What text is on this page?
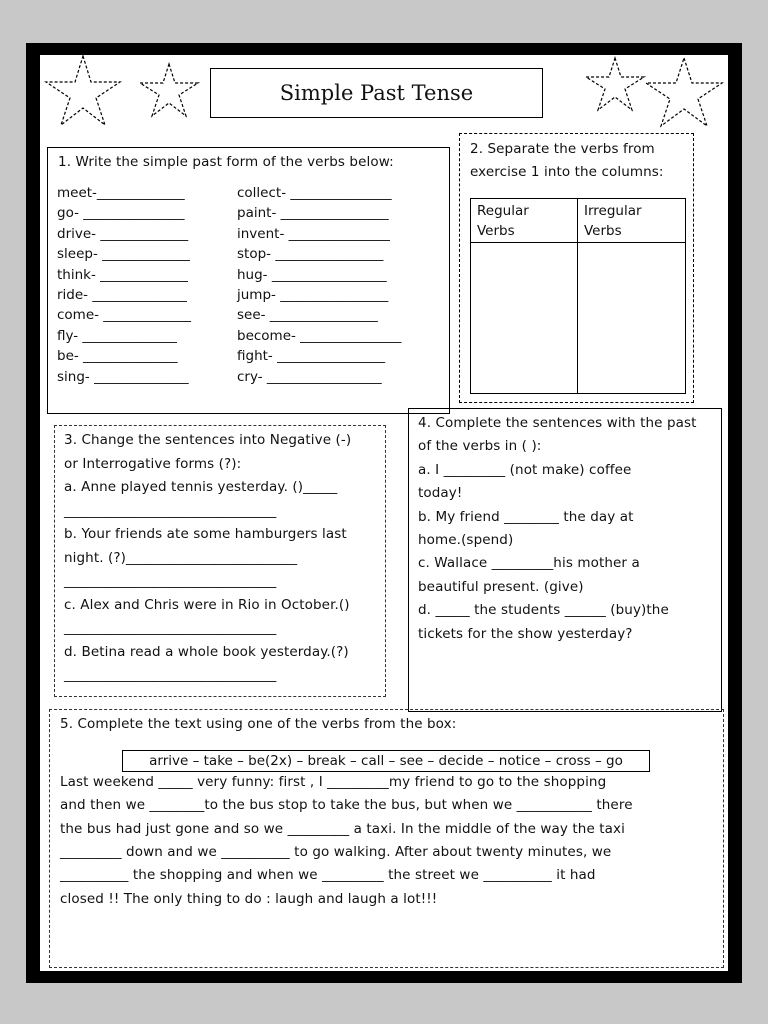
Simple Past Tense
1. Write the simple past form of the verbs below:
meet-_____________
go- _______________
drive- _____________
sleep- _____________
think- _____________
ride- ______________
come- _____________
fly- ______________
be- ______________
sing- ______________
collect- _______________
paint- ________________
invent- _______________
stop- ________________
hug- _________________
jump- ________________
see- ________________
become- _______________
fight- ________________
cry- _________________
2. Separate the verbs from
exercise 1 into the columns:
Regular
Verbs
Irregular
Verbs
3. Change the sentences into Negative (-)
or Interrogative forms (?):
a. Anne played tennis yesterday. ()_____
_______________________________
b. Your friends ate some hamburgers last
night. (?)_________________________
_______________________________
c. Alex and Chris were in Rio in October.()
_______________________________
d. Betina read a whole book yesterday.(?)
_______________________________
4. Complete the sentences with the past
of the verbs in ( ):
a. I _________ (not make) coffee
today!
b. My friend ________ the day at
home.(spend)
c. Wallace _________his mother a
beautiful present. (give)
d. _____ the students ______ (buy)the
tickets for the show yesterday?
5. Complete the text using one of the verbs from the box:
arrive – take – be(2x) – break – call – see – decide – notice – cross – go
Last weekend _____ very funny: first , I _________my friend to go to the shopping
and then we ________to the bus stop to take the bus, but when we ___________ there
the bus had just gone and so we _________ a taxi. In the middle of the way the taxi
_________ down and we __________ to go walking. After about twenty minutes, we
__________ the shopping and when we _________ the street we __________ it had
closed !! The only thing to do : laugh and laugh a lot!!!
